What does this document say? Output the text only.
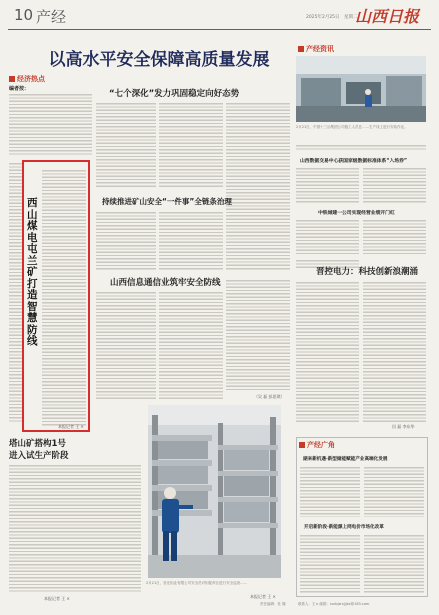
10 产经	2025年2月25日　星期二
山西日报
以高水平安全保障高质量发展
经济热点
编者按：
西山煤电屯兰矿打造智慧防线
本报记者 王 ×
塔山矿搭构1号
进入试生产阶段
本报记者 王 ×
“七个深化”发力巩固稳定向好态势
持续推进矿山安全“一件事”全链条治理
山西信息通信业筑牢安全防线
（吴 磊 彭思琪）
2月21日，晋北铝业有限公司安全员对铝锭库区进行安全巡查……
本报记者 王 ×
产经资讯
2月21日，中国十三冶集团公司施工人员在……生产线上进行安装作业。
山西数据交易中心获国家级数据标准体系“入场券”
中铁城建一公司实现经营业绩开门红
晋控电力：科技创新浪潮涌
田 磊 李东华
产经广角
湖来新机遇·新型储能赋能产业高端化发展
开启新阶段·新能源上网电价市场化改革
联系人：王× 邮箱：sxrbjzrxjjjkz@163.com
责任编辑：杜 娜
